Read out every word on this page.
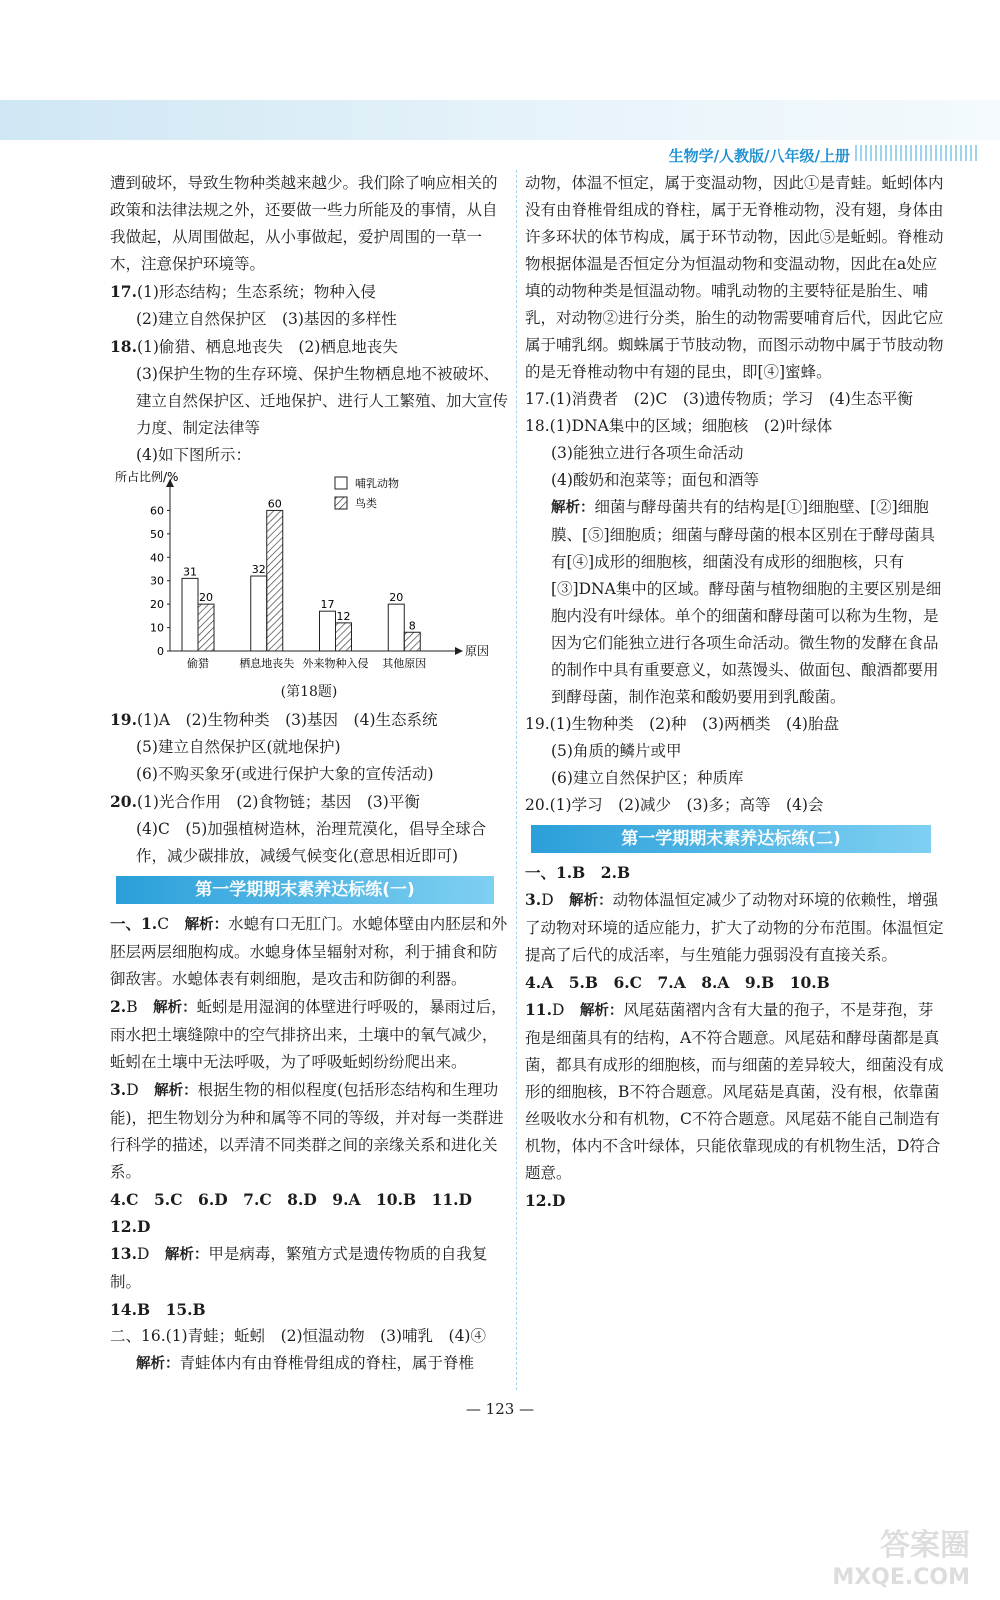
生物学/人教版/八年级/上册

遭到破坏，导致生物种类越来越少。我们除了响应相关的政策和法律法规之外，还要做一些力所能及的事情，从自我做起，从周围做起，从小事做起，爱护周围的一草一木，注意保护环境等。

17.(1)形态结构；生态系统；物种入侵

(2)建立自然保护区　(3)基因的多样性

18.(1)偷猎、栖息地丧失　(2)栖息地丧失

(3)保护生物的生存环境、保护生物栖息地不被破坏、建立自然保护区、迁地保护、进行人工繁殖、加大宣传力度、制定法律等

(4)如下图所示：

所占比例/%
原因
0
10
20
30
40
50
60
31
20
偷猎
32
60
栖息地丧失
17
12
外来物种入侵
20
8
其他原因
哺乳动物
鸟类
(第18题)

19.(1)A　(2)生物种类　(3)基因　(4)生态系统

(5)建立自然保护区(就地保护)

(6)不购买象牙(或进行保护大象的宣传活动)

20.(1)光合作用　(2)食物链；基因　(3)平衡

(4)C　(5)加强植树造林，治理荒漠化，倡导全球合作，减少碳排放，减缓气候变化(意思相近即可)

第一学期期末素养达标练(一)

一、1.C　 解析：水螅有口无肛门。水螅体壁由内胚层和外胚层两层细胞构成。水螅身体呈辐射对称，利于捕食和防御敌害。水螅体表有刺细胞，是攻击和防御的利器。

2.B　 解析：蚯蚓是用湿润的体壁进行呼吸的，暴雨过后，雨水把土壤缝隙中的空气排挤出来，土壤中的氧气减少，蚯蚓在土壤中无法呼吸，为了呼吸蚯蚓纷纷爬出来。

3.D　 解析：根据生物的相似程度(包括形态结构和生理功能)，把生物划分为种和属等不同的等级，并对每一类群进行科学的描述，以弄清不同类群之间的亲缘关系和进化关系。

4.C　5.C　6.D　7.C　8.D　9.A　10.B　11.D　12.D

13.D　 解析：甲是病毒，繁殖方式是遗传物质的自我复制。

14.B　15.B

二、16.(1)青蛙；蚯蚓　(2)恒温动物　(3)哺乳　(4)④

解析：青蛙体内有由脊椎骨组成的脊柱，属于脊椎

动物，体温不恒定，属于变温动物，因此①是青蛙。蚯蚓体内没有由脊椎骨组成的脊柱，属于无脊椎动物，没有翅，身体由许多环状的体节构成，属于环节动物，因此⑤是蚯蚓。脊椎动物根据体温是否恒定分为恒温动物和变温动物，因此在a处应填的动物种类是恒温动物。哺乳动物的主要特征是胎生、哺乳，对动物②进行分类，胎生的动物需要哺育后代，因此它应属于哺乳纲。蜘蛛属于节肢动物，而图示动物中属于节肢动物的是无脊椎动物中有翅的昆虫，即[④]蜜蜂。

17.(1)消费者　(2)C　(3)遗传物质；学习　(4)生态平衡

18.(1)DNA集中的区域；细胞核　(2)叶绿体

(3)能独立进行各项生命活动

(4)酸奶和泡菜等；面包和酒等

解析：细菌与酵母菌共有的结构是[①]细胞壁、[②]细胞膜、[⑤]细胞质；细菌与酵母菌的根本区别在于酵母菌具有[④]成形的细胞核，细菌没有成形的细胞核，只有[③]DNA集中的区域。酵母菌与植物细胞的主要区别是细胞内没有叶绿体。单个的细菌和酵母菌可以称为生物，是因为它们能独立进行各项生命活动。微生物的发酵在食品的制作中具有重要意义，如蒸馒头、做面包、酿酒都要用到酵母菌，制作泡菜和酸奶要用到乳酸菌。

19.(1)生物种类　(2)种　(3)两栖类　(4)胎盘

(5)角质的鳞片或甲

(6)建立自然保护区；种质库

20.(1)学习　(2)减少　(3)多；高等　(4)会

第一学期期末素养达标练(二)

一、1.B　2.B

3.D　 解析：动物体温恒定减少了动物对环境的依赖性，增强了动物对环境的适应能力，扩大了动物的分布范围。体温恒定提高了后代的成活率，与生殖能力强弱没有直接关系。

4.A　5.B　6.C　7.A　8.A　9.B　10.B

11.D　 解析：风尾菇菌褶内含有大量的孢子，不是芽孢，芽孢是细菌具有的结构，A不符合题意。风尾菇和酵母菌都是真菌，都具有成形的细胞核，而与细菌的差异较大，细菌没有成形的细胞核，B不符合题意。风尾菇是真菌，没有根，依靠菌丝吸收水分和有机物，C不符合题意。风尾菇不能自己制造有机物，体内不含叶绿体，只能依靠现成的有机物生活，D符合题意。

12.D

— 123 —
答案圈
MXQE.COM
